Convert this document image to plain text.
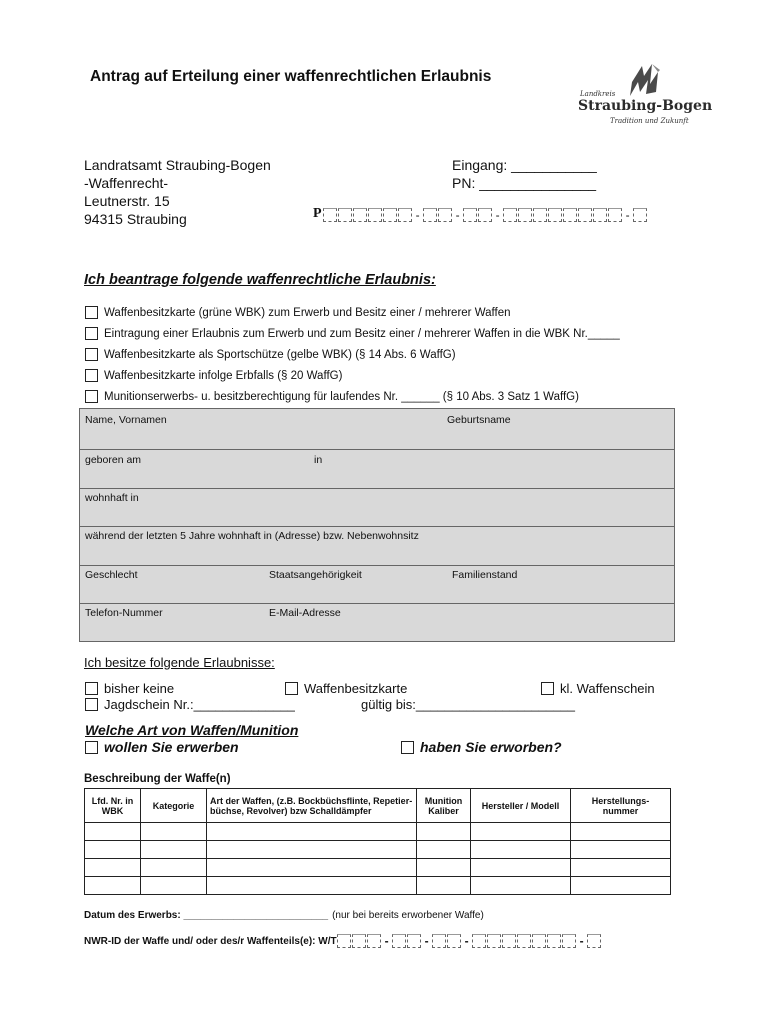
Antrag auf Erteilung einer waffenrechtlichen Erlaubnis
Landkreis
Straubing-Bogen
Tradition und Zukunft
Landratsamt Straubing-Bogen
-Waffenrecht-
Leutnerstr. 15
94315 Straubing
Eingang: ___________
PN: _______________
P	-	-	-	-
Ich beantrage folgende waffenrechtliche Erlaubnis:
Waffenbesitzkarte (grüne WBK) zum Erwerb und Besitz einer / mehrerer Waffen
Eintragung einer Erlaubnis zum Erwerb und zum Besitz einer / mehrerer Waffen in die WBK Nr._____
Waffenbesitzkarte als Sportschütze (gelbe WBK) (§ 14 Abs. 6 WaffG)
Waffenbesitzkarte infolge Erbfalls (§ 20 WaffG)
Munitionserwerbs- u. besitzberechtigung für laufendes Nr. ______ (§ 10 Abs. 3 Satz 1 WaffG)
Name, Vornamen	Geburtsname
geboren am	in
wohnhaft in
während der letzten 5 Jahre wohnhaft in (Adresse) bzw. Nebenwohnsitz
Geschlecht	Staatsangehörigkeit	Familienstand
Telefon-Nummer	E-Mail-Adresse
Ich besitze folgende Erlaubnisse:
bisher keine	Waffenbesitzkarte	kl. Waffenschein
Jagdschein Nr.:______________	gültig bis:______________________
Welche Art von Waffen/Munition
wollen Sie erwerben	haben Sie erworben?
Beschreibung der Waffe(n)
Lfd. Nr. in WBK	Kategorie	Art der Waffen, (z.B. Bockbüchsflinte, Repetier-büchse, Revolver) bzw Schalldämpfer	Munition Kaliber	Hersteller / Modell	Herstellungs-nummer

Datum des Erwerbs: __________________________ (nur bei bereits erworbener Waffe)
NWR-ID der Waffe und/ oder des/r Waffenteils(e): W/T	-	-	-	-
